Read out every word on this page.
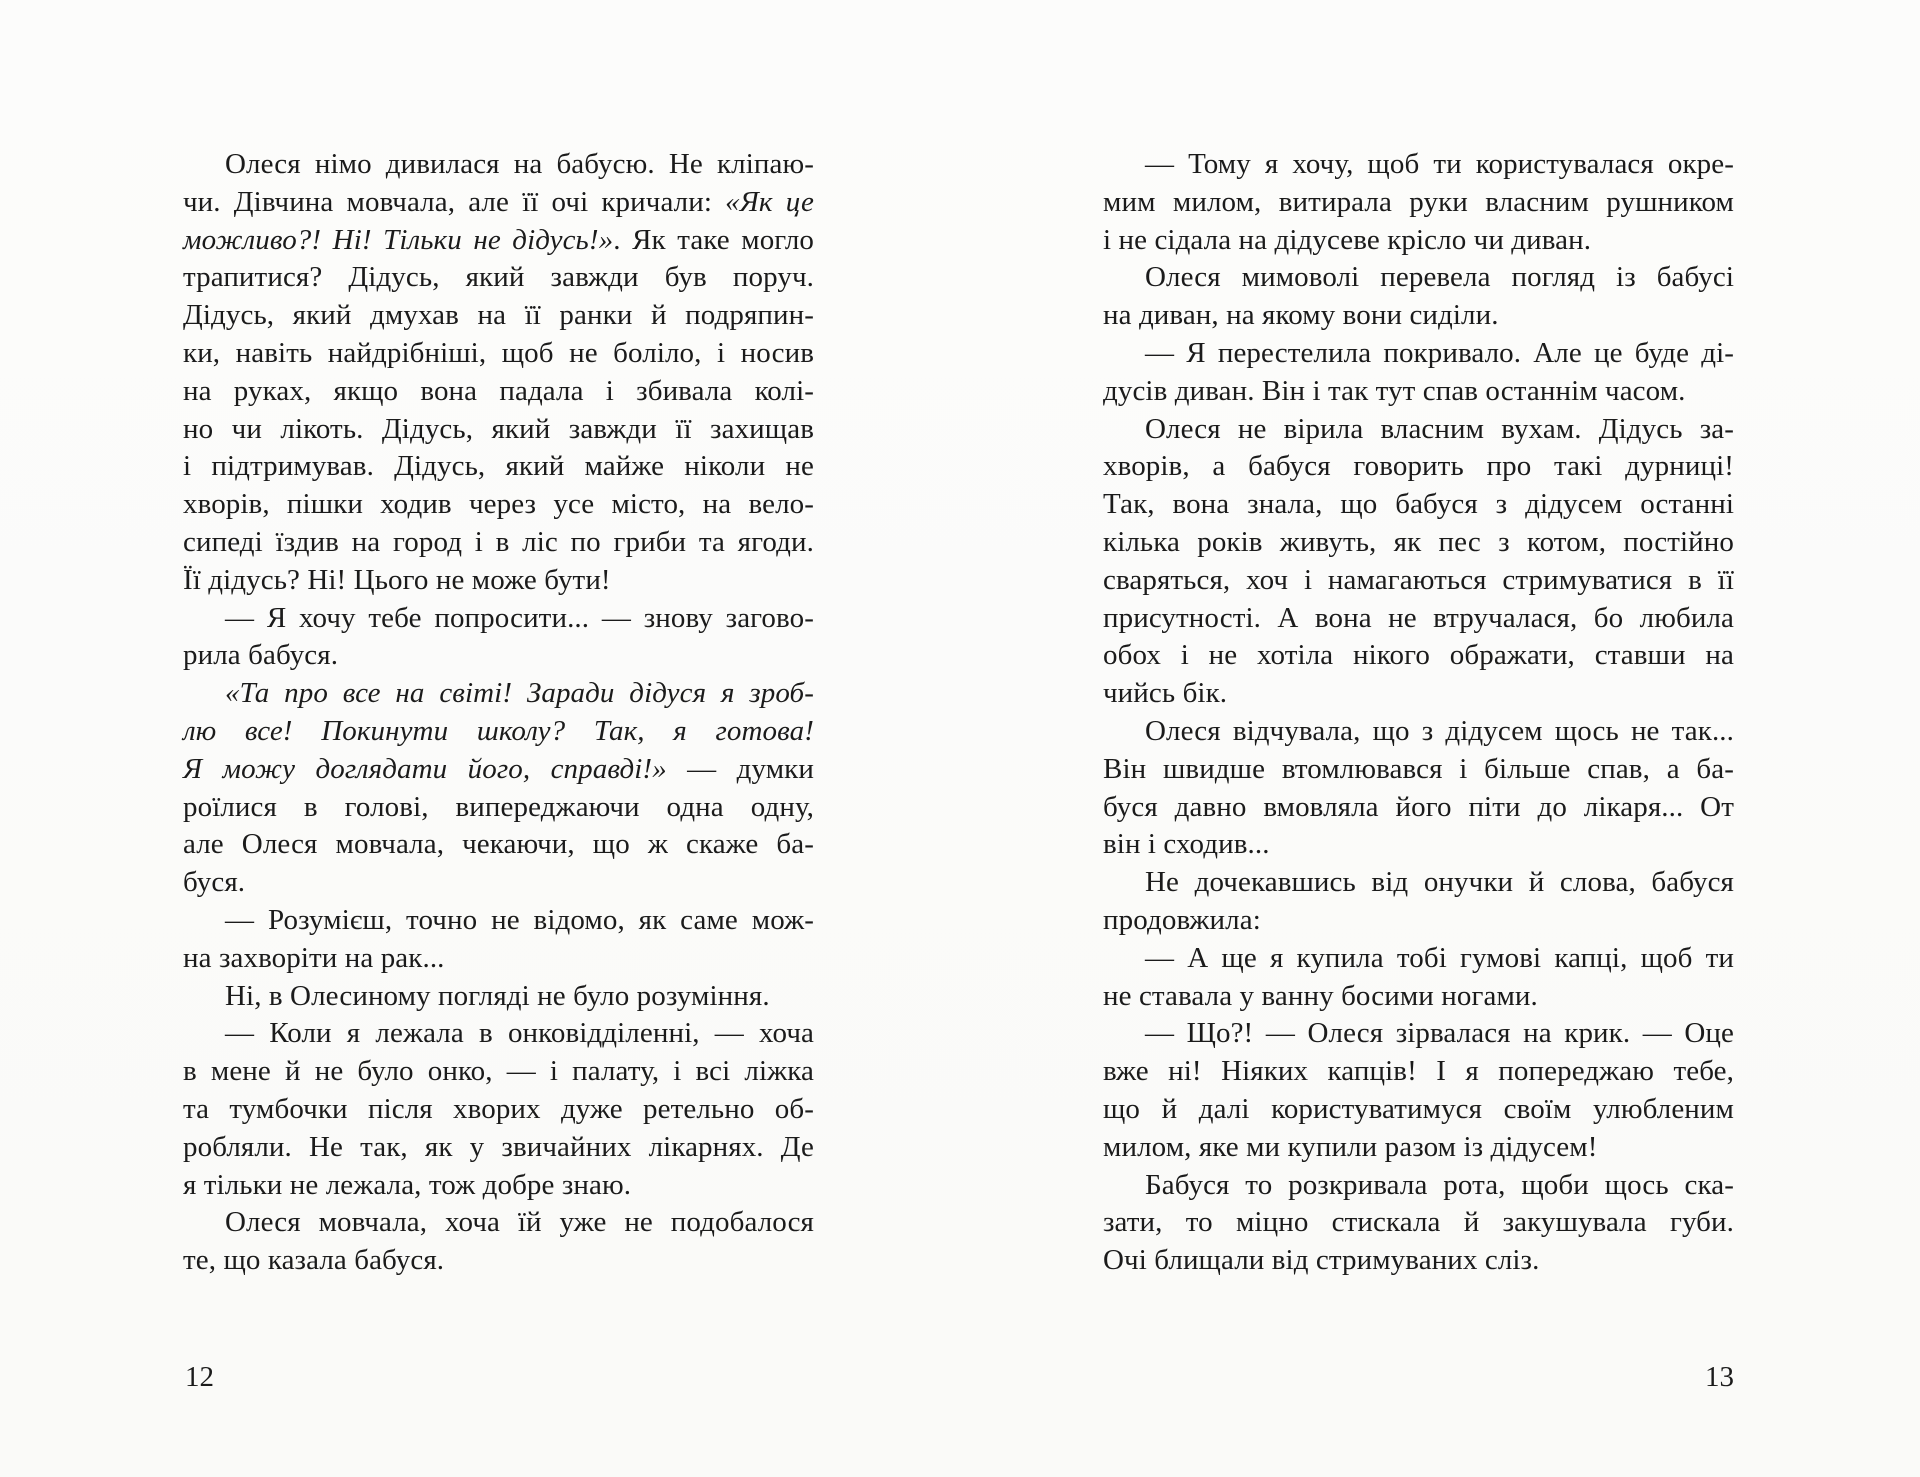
Олеся німо дивилася на бабусю. Не кліпаю-
чи. Дівчина мовчала, але її очі кричали: «Як це
можливо?! Ні! Тільки не дідусь!». Як таке могло
трапитися? Дідусь, який завжди був поруч.
Дідусь, який дмухав на її ранки й подряпин-
ки, навіть найдрібніші, щоб не боліло, і носив
на руках, якщо вона падала і збивала колі-
но чи лікоть. Дідусь, який завжди її захищав
і підтримував. Дідусь, який майже ніколи не
хворів, пішки ходив через усе місто, на вело-
сипеді їздив на город і в ліс по гриби та ягоди.
Її дідусь? Ні! Цього не може бути!
— Я хочу тебе попросити... — знову загово-
рила бабуся.
«Та про все на світі! Заради дідуся я зроб-
лю все! Покинути школу? Так, я готова!
Я можу доглядати його, справді!» — думки
роїлися в голові, випереджаючи одна одну,
але Олеся мовчала, чекаючи, що ж скаже ба-
буся.
— Розумієш, точно не відомо, як саме мож-
на захворіти на рак...
Ні, в Олесиному погляді не було розуміння.
— Коли я лежала в онковідділенні, — хоча
в мене й не було онко, — і палату, і всі ліжка
та тумбочки після хворих дуже ретельно об-
робляли. Не так, як у звичайних лікарнях. Де
я тільки не лежала, тож добре знаю.
Олеся мовчала, хоча їй уже не подобалося
те, що казала бабуся.
— Тому я хочу, щоб ти користувалася окре-
мим милом, витирала руки власним рушником
і не сідала на дідусеве крісло чи диван.
Олеся мимоволі перевела погляд із бабусі
на диван, на якому вони сиділи.
— Я перестелила покривало. Але це буде ді-
дусів диван. Він і так тут спав останнім часом.
Олеся не вірила власним вухам. Дідусь за-
хворів, а бабуся говорить про такі дурниці!
Так, вона знала, що бабуся з дідусем останні
кілька років живуть, як пес з котом, постійно
сваряться, хоч і намагаються стримуватися в її
присутності. А вона не втручалася, бо любила
обох і не хотіла нікого ображати, ставши на
чийсь бік.
Олеся відчувала, що з дідусем щось не так...
Він швидше втомлювався і більше спав, а ба-
буся давно вмовляла його піти до лікаря... От
він і сходив...
Не дочекавшись від онучки й слова, бабуся
продовжила:
— А ще я купила тобі гумові капці, щоб ти
не ставала у ванну босими ногами.
— Що?! — Олеся зірвалася на крик. — Оце
вже ні! Ніяких капців! І я попереджаю тебе,
що й далі користуватимуся своїм улюбленим
милом, яке ми купили разом із дідусем!
Бабуся то розкривала рота, щоби щось ска-
зати, то міцно стискала й закушувала губи.
Очі блищали від стримуваних сліз.
12	13
